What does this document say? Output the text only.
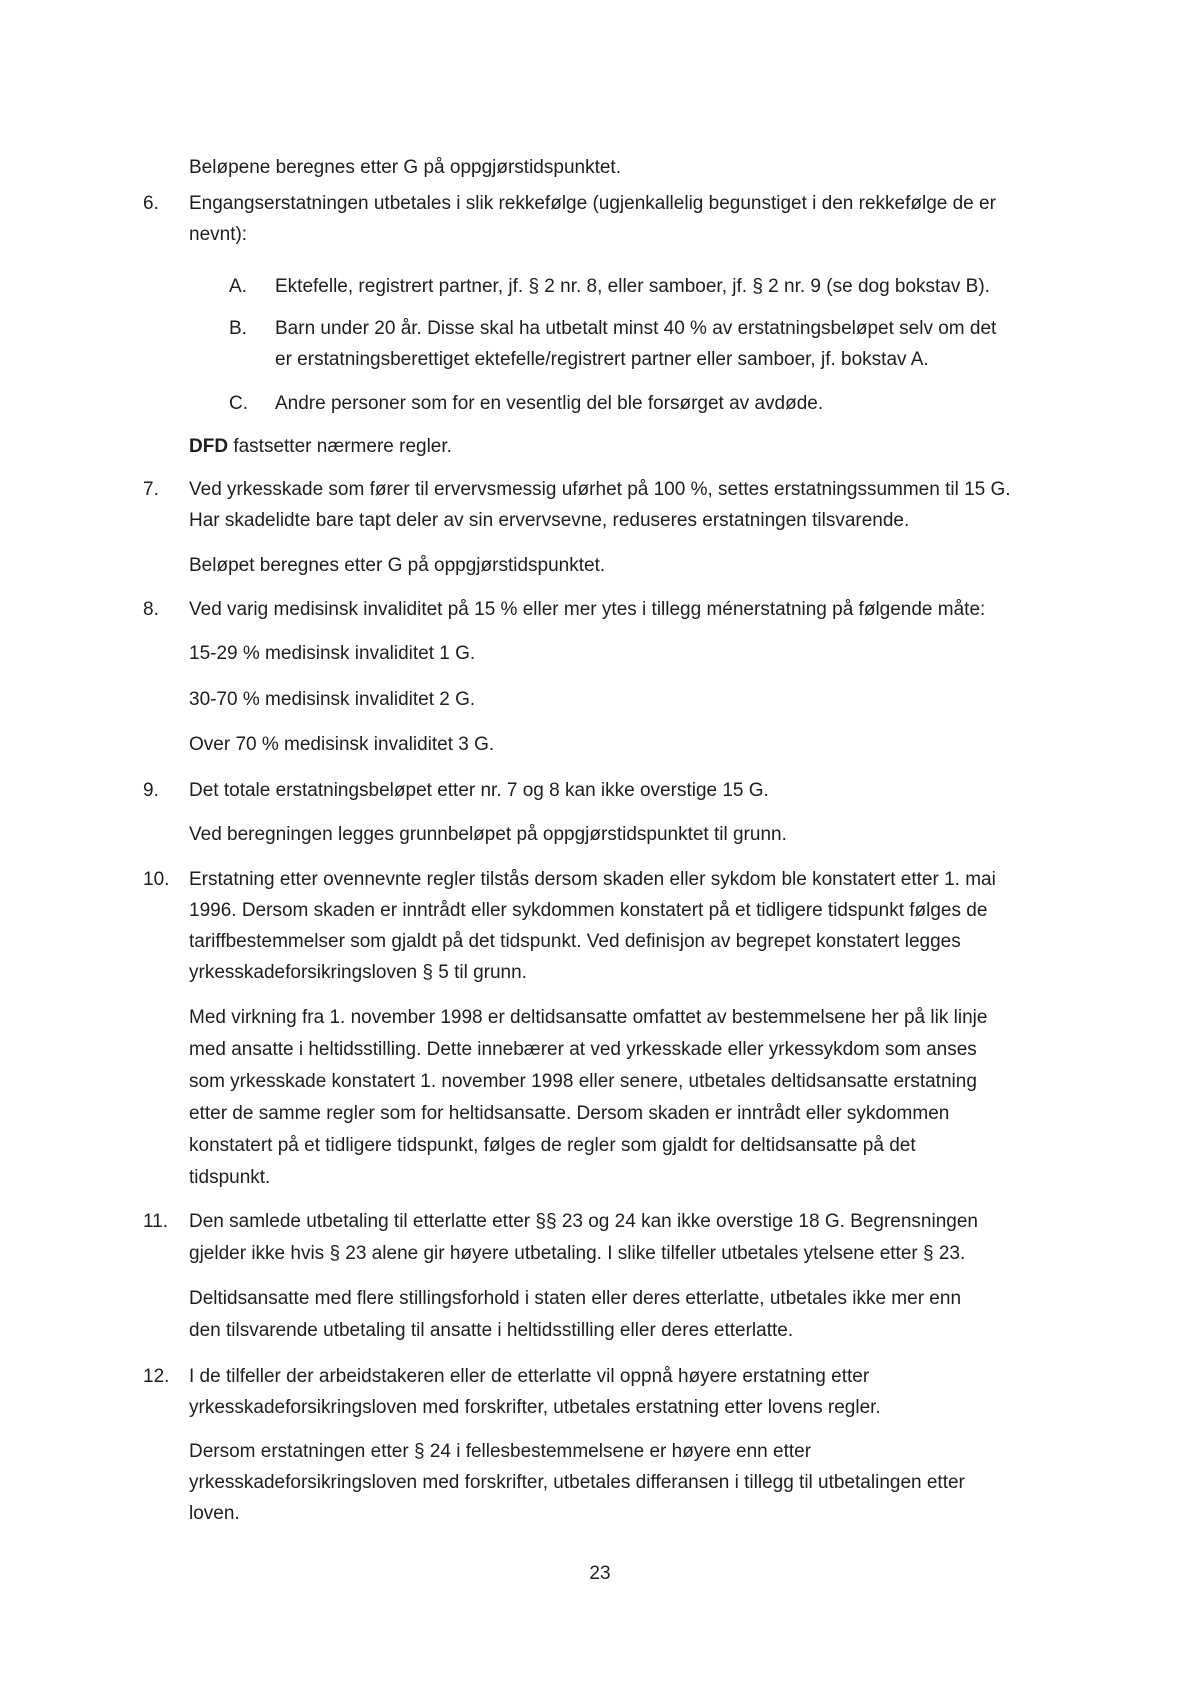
Beløpene beregnes etter G på oppgjørstidspunktet.
6. Engangserstatningen utbetales i slik rekkefølge (ugjenkallelig begunstiget i den rekkefølge de er
nevnt):
A. Ektefelle, registrert partner, jf. § 2 nr. 8, eller samboer, jf. § 2 nr. 9 (se dog bokstav B).
B. Barn under 20 år. Disse skal ha utbetalt minst 40 % av erstatningsbeløpet selv om det
er erstatningsberettiget ektefelle/registrert partner eller samboer, jf. bokstav A.
C. Andre personer som for en vesentlig del ble forsørget av avdøde.
DFD fastsetter nærmere regler.
7. Ved yrkesskade som fører til ervervsmessig uførhet på 100 %, settes erstatningssummen til 15 G.
Har skadelidte bare tapt deler av sin ervervsevne, reduseres erstatningen tilsvarende.
Beløpet beregnes etter G på oppgjørstidspunktet.
8. Ved varig medisinsk invaliditet på 15 % eller mer ytes i tillegg ménerstatning på følgende måte:
15-29 % medisinsk invaliditet 1 G.
30-70 % medisinsk invaliditet 2 G.
Over 70 % medisinsk invaliditet 3 G.
9. Det totale erstatningsbeløpet etter nr. 7 og 8 kan ikke overstige 15 G.
Ved beregningen legges grunnbeløpet på oppgjørstidspunktet til grunn.
10. Erstatning etter ovennevnte regler tilstås dersom skaden eller sykdom ble konstatert etter 1. mai
1996. Dersom skaden er inntrådt eller sykdommen konstatert på et tidligere tidspunkt følges de
tariffbestemmelser som gjaldt på det tidspunkt. Ved definisjon av begrepet konstatert legges
yrkesskadeforsikringsloven § 5 til grunn.
Med virkning fra 1. november 1998 er deltidsansatte omfattet av bestemmelsene her på lik linje
med ansatte i heltidsstilling. Dette innebærer at ved yrkesskade eller yrkessykdom som anses
som yrkesskade konstatert 1. november 1998 eller senere, utbetales deltidsansatte erstatning
etter de samme regler som for heltidsansatte. Dersom skaden er inntrådt eller sykdommen
konstatert på et tidligere tidspunkt, følges de regler som gjaldt for deltidsansatte på det
tidspunkt.
11. Den samlede utbetaling til etterlatte etter §§ 23 og 24 kan ikke overstige 18 G. Begrensningen
gjelder ikke hvis § 23 alene gir høyere utbetaling. I slike tilfeller utbetales ytelsene etter § 23.
Deltidsansatte med flere stillingsforhold i staten eller deres etterlatte, utbetales ikke mer enn
den tilsvarende utbetaling til ansatte i heltidsstilling eller deres etterlatte.
12. I de tilfeller der arbeidstakeren eller de etterlatte vil oppnå høyere erstatning etter
yrkesskadeforsikringsloven med forskrifter, utbetales erstatning etter lovens regler.
Dersom erstatningen etter § 24 i fellesbestemmelsene er høyere enn etter
yrkesskadeforsikringsloven med forskrifter, utbetales differansen i tillegg til utbetalingen etter
loven.
23
